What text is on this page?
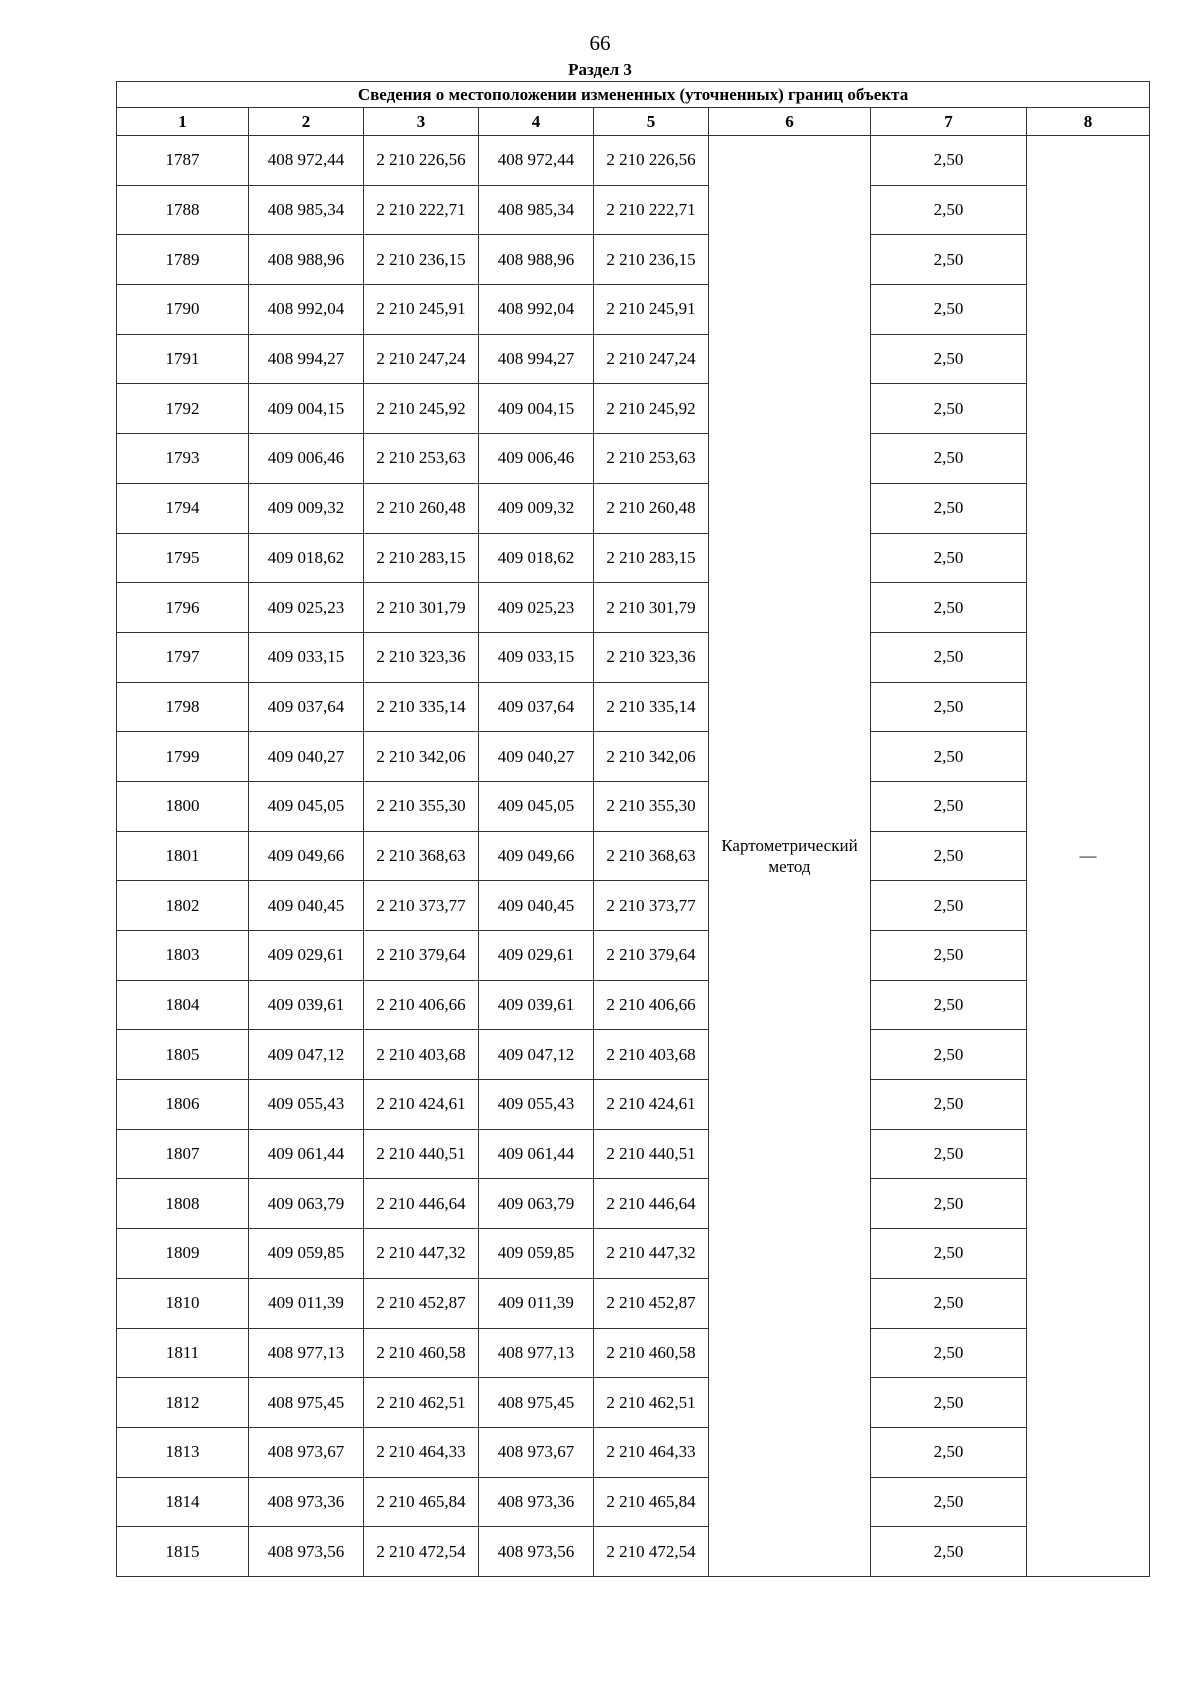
66
Раздел 3
Сведения о местоположении измененных (уточненных) границ объекта							
1	2	3	4	5	6	7	8
1787	408 972,44	2 210 226,56	408 972,44	2 210 226,56	Картометрический метод	2,50	—
1788	408 985,34	2 210 222,71	408 985,34	2 210 222,71		2,50	
1789	408 988,96	2 210 236,15	408 988,96	2 210 236,15		2,50	
1790	408 992,04	2 210 245,91	408 992,04	2 210 245,91		2,50	
1791	408 994,27	2 210 247,24	408 994,27	2 210 247,24		2,50	
1792	409 004,15	2 210 245,92	409 004,15	2 210 245,92		2,50	
1793	409 006,46	2 210 253,63	409 006,46	2 210 253,63		2,50	
1794	409 009,32	2 210 260,48	409 009,32	2 210 260,48		2,50	
1795	409 018,62	2 210 283,15	409 018,62	2 210 283,15		2,50	
1796	409 025,23	2 210 301,79	409 025,23	2 210 301,79		2,50	
1797	409 033,15	2 210 323,36	409 033,15	2 210 323,36		2,50	
1798	409 037,64	2 210 335,14	409 037,64	2 210 335,14		2,50	
1799	409 040,27	2 210 342,06	409 040,27	2 210 342,06		2,50	
1800	409 045,05	2 210 355,30	409 045,05	2 210 355,30		2,50	
1801	409 049,66	2 210 368,63	409 049,66	2 210 368,63		2,50	
1802	409 040,45	2 210 373,77	409 040,45	2 210 373,77		2,50	
1803	409 029,61	2 210 379,64	409 029,61	2 210 379,64		2,50	
1804	409 039,61	2 210 406,66	409 039,61	2 210 406,66		2,50	
1805	409 047,12	2 210 403,68	409 047,12	2 210 403,68		2,50	
1806	409 055,43	2 210 424,61	409 055,43	2 210 424,61		2,50	
1807	409 061,44	2 210 440,51	409 061,44	2 210 440,51		2,50	
1808	409 063,79	2 210 446,64	409 063,79	2 210 446,64		2,50	
1809	409 059,85	2 210 447,32	409 059,85	2 210 447,32		2,50	
1810	409 011,39	2 210 452,87	409 011,39	2 210 452,87		2,50	
1811	408 977,13	2 210 460,58	408 977,13	2 210 460,58		2,50	
1812	408 975,45	2 210 462,51	408 975,45	2 210 462,51		2,50	
1813	408 973,67	2 210 464,33	408 973,67	2 210 464,33		2,50	
1814	408 973,36	2 210 465,84	408 973,36	2 210 465,84		2,50	
1815	408 973,56	2 210 472,54	408 973,56	2 210 472,54		2,50	
